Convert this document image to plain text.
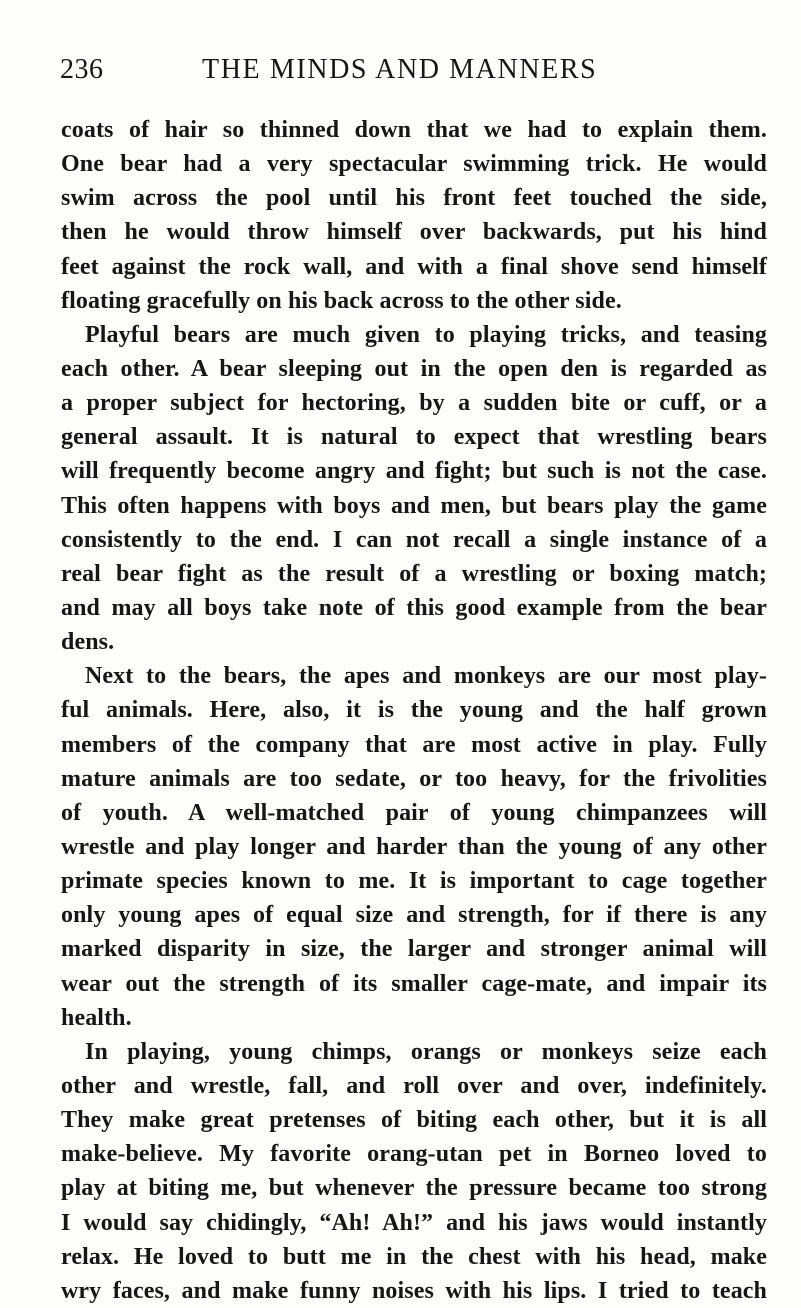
236	THE MINDS AND MANNERS
coats of hair so thinned down that we had to explain them.
One bear had a very spectacular swimming trick. He would
swim across the pool until his front feet touched the side,
then he would throw himself over backwards, put his hind
feet against the rock wall, and with a final shove send himself
floating gracefully on his back across to the other side.
Playful bears are much given to playing tricks, and teasing
each other. A bear sleeping out in the open den is regarded as
a proper subject for hectoring, by a sudden bite or cuff, or a
general assault. It is natural to expect that wrestling bears
will frequently become angry and fight; but such is not the case.
This often happens with boys and men, but bears play the game
consistently to the end. I can not recall a single instance of a
real bear fight as the result of a wrestling or boxing match;
and may all boys take note of this good example from the bear
dens.
Next to the bears, the apes and monkeys are our most play-
ful animals. Here, also, it is the young and the half grown
members of the company that are most active in play. Fully
mature animals are too sedate, or too heavy, for the frivolities
of youth. A well-matched pair of young chimpanzees will
wrestle and play longer and harder than the young of any other
primate species known to me. It is important to cage together
only young apes of equal size and strength, for if there is any
marked disparity in size, the larger and stronger animal will
wear out the strength of its smaller cage-mate, and impair its
health.
In playing, young chimps, orangs or monkeys seize each
other and wrestle, fall, and roll over and over, indefinitely.
They make great pretenses of biting each other, but it is all
make-believe. My favorite orang-utan pet in Borneo loved to
play at biting me, but whenever the pressure became too strong
I would say chidingly, “Ah! Ah!” and his jaws would instantly
relax. He loved to butt me in the chest with his head, make
wry faces, and make funny noises with his lips. I tried to teach
